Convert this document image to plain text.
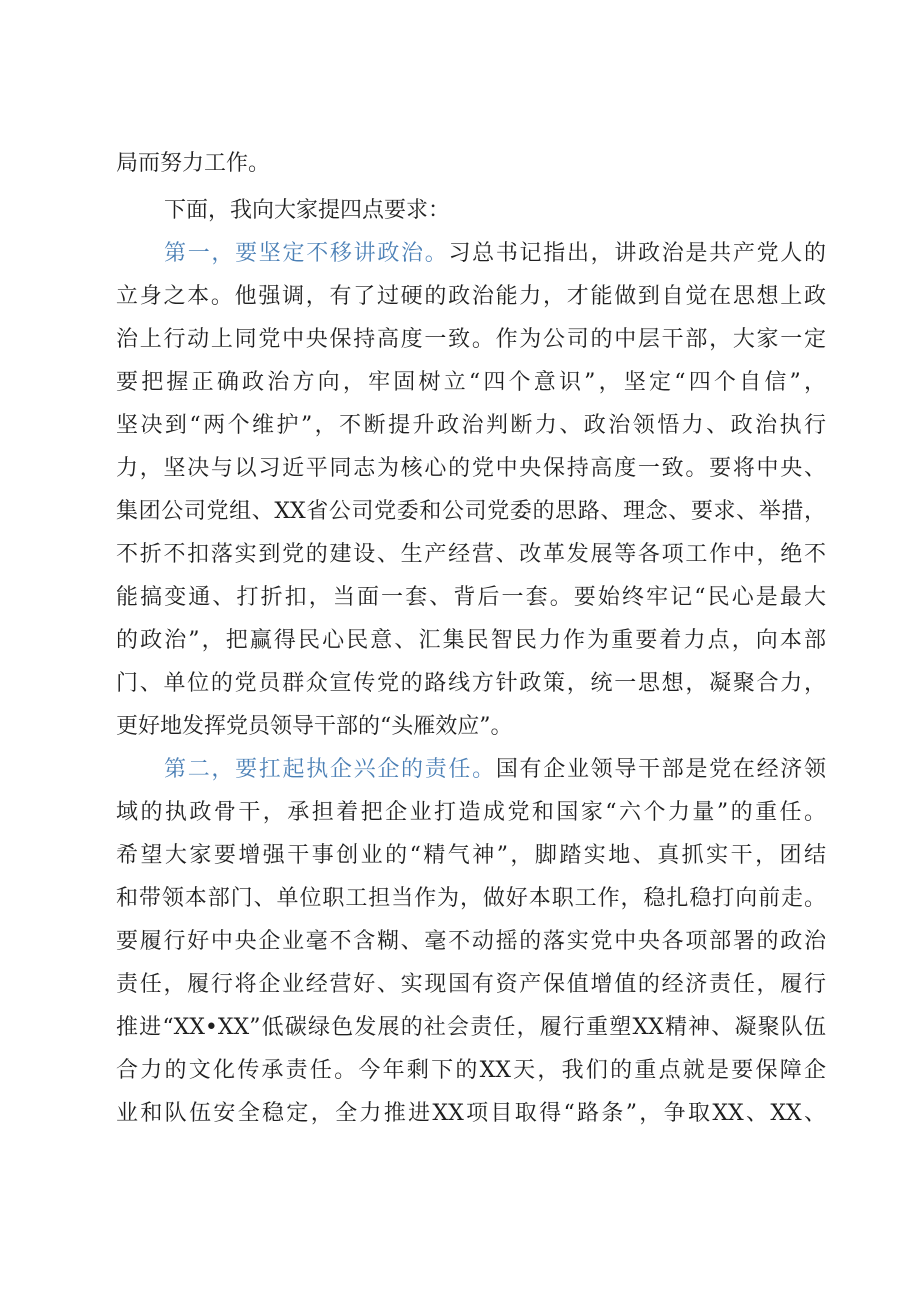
局而努力工作。
下面，我向大家提四点要求：
第一，要坚定不移讲政治。习总书记指出，讲政治是共产党人的
立身之本。他强调，有了过硬的政治能力，才能做到自觉在思想上政
治上行动上同党中央保持高度一致。作为公司的中层干部，大家一定
要把握正确政治方向，牢固树立“四个意识”，坚定“四个自信”，
坚决到“两个维护”，不断提升政治判断力、政治领悟力、政治执行
力，坚决与以习近平同志为核心的党中央保持高度一致。要将中央、
集团公司党组、XX省公司党委和公司党委的思路、理念、要求、举措，
不折不扣落实到党的建设、生产经营、改革发展等各项工作中，绝不
能搞变通、打折扣，当面一套、背后一套。要始终牢记“民心是最大
的政治”，把赢得民心民意、汇集民智民力作为重要着力点，向本部
门、单位的党员群众宣传党的路线方针政策，统一思想，凝聚合力，
更好地发挥党员领导干部的“头雁效应”。
第二，要扛起执企兴企的责任。国有企业领导干部是党在经济领
域的执政骨干，承担着把企业打造成党和国家“六个力量”的重任。
希望大家要增强干事创业的“精气神”，脚踏实地、真抓实干，团结
和带领本部门、单位职工担当作为，做好本职工作，稳扎稳打向前走。
要履行好中央企业毫不含糊、毫不动摇的落实党中央各项部署的政治
责任，履行将企业经营好、实现国有资产保值增值的经济责任，履行
推进“XX•XX”低碳绿色发展的社会责任，履行重塑XX精神、凝聚队伍
合力的文化传承责任。今年剩下的XX天，我们的重点就是要保障企
业和队伍安全稳定，全力推进XX项目取得“路条”，争取XX、XX、
